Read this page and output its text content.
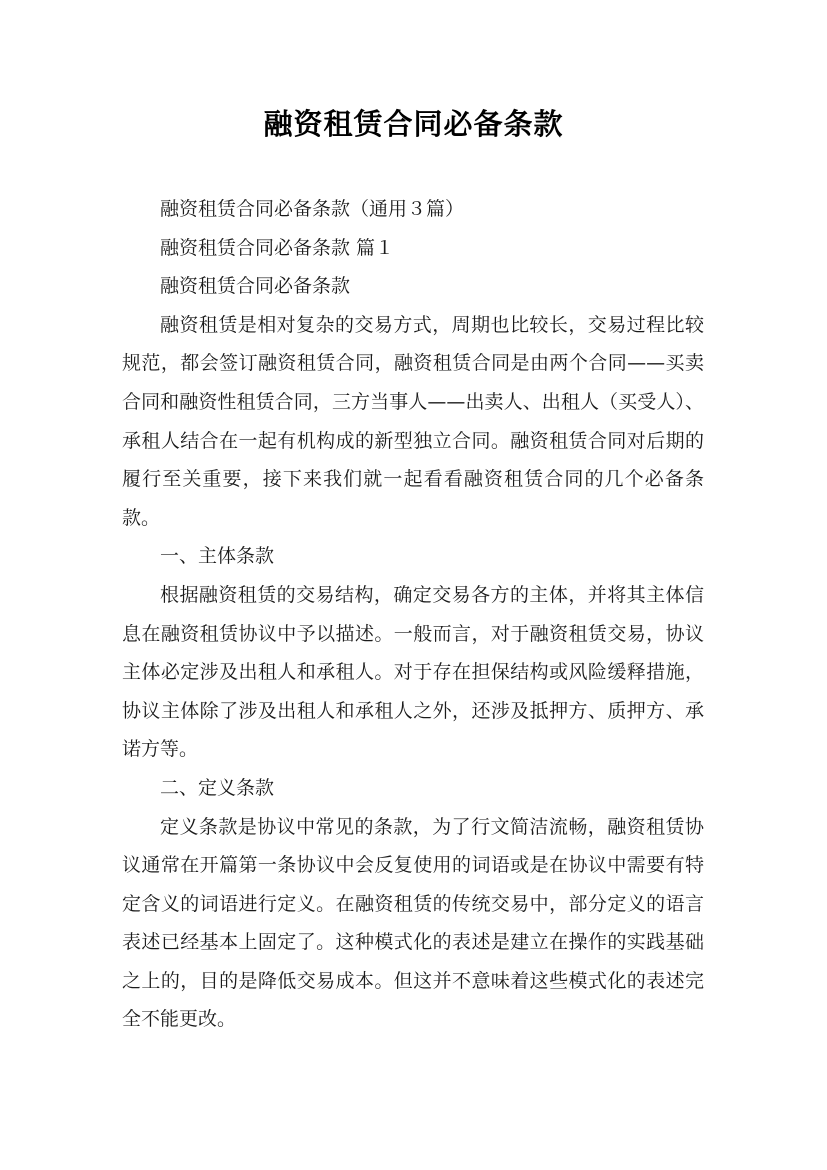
融资租赁合同必备条款

融资租赁合同必备条款（通用３篇）

融资租赁合同必备条款 篇１

融资租赁合同必备条款

融资租赁是相对复杂的交易方式，周期也比较长，交易过程比较规范，都会签订融资租赁合同，融资租赁合同是由两个合同——买卖合同和融资性租赁合同，三方当事人——出卖人、出租人（买受人）、承租人结合在一起有机构成的新型独立合同。融资租赁合同对后期的履行至关重要，接下来我们就一起看看融资租赁合同的几个必备条款。

一、主体条款

根据融资租赁的交易结构，确定交易各方的主体，并将其主体信息在融资租赁协议中予以描述。一般而言，对于融资租赁交易，协议主体必定涉及出租人和承租人。对于存在担保结构或风险缓释措施，协议主体除了涉及出租人和承租人之外，还涉及抵押方、质押方、承诺方等。

二、定义条款

定义条款是协议中常见的条款，为了行文简洁流畅，融资租赁协议通常在开篇第一条协议中会反复使用的词语或是在协议中需要有特定含义的词语进行定义。在融资租赁的传统交易中，部分定义的语言表述已经基本上固定了。这种模式化的表述是建立在操作的实践基础之上的，目的是降低交易成本。但这并不意味着这些模式化的表述完全不能更改。
